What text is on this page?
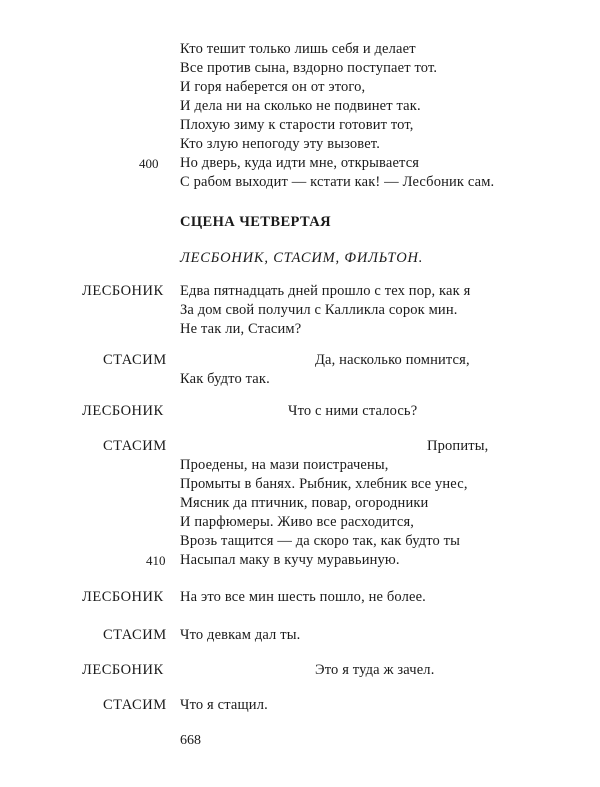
Кто тешит только лишь себя и делает
Все против сына, вздорно поступает тот.
И горя наберется он от этого,
И дела ни на сколько не подвинет так.
Плохую зиму к старости готовит тот,
Кто злую непогоду эту вызовет.
400 Но дверь, куда идти мне, открывается
С рабом выходит — кстати как! — Лесбоник сам.
СЦЕНА ЧЕТВЕРТАЯ
ЛЕСБОНИК, СТАСИМ, ФИЛЬТОН.
ЛЕСБОНИК Едва пятнадцать дней прошло с тех пор, как я
За дом свой получил с Калликла сорок мин.
Не так ли, Стасим?
СТАСИМ	Да, насколько помнится,
Как будто так.
ЛЕСБОНИК	Что с ними сталось?
СТАСИМ	Пропиты,
Проедены, на мази поистрачены,
Промыты в банях. Рыбник, хлебник все унес,
Мясник да птичник, повар, огородники
И парфюмеры. Живо все расходится,
Врозь тащится — да скоро так, как будто ты
410 Насыпал маку в кучу муравьиную.
ЛЕСБОНИК На это все мин шесть пошло, не более.
СТАСИМ Что девкам дал ты.
ЛЕСБОНИК	Это я туда ж зачел.
СТАСИМ Что я стащил.
668
